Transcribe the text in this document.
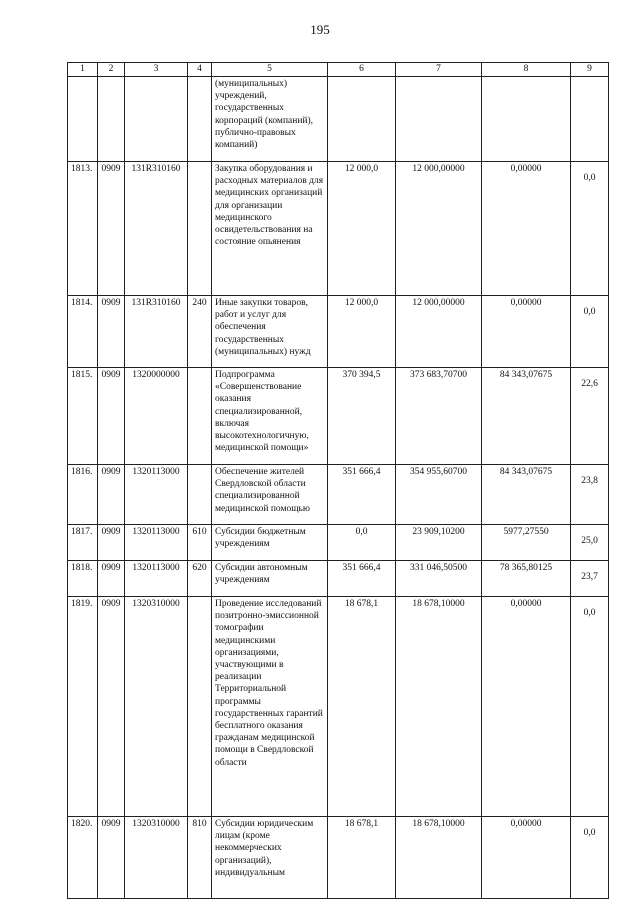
195
1	2	3	4	5	6	7	8	9
				(муниципальных) учреждений, государственных корпораций (компаний), публично-правовых компаний)				
1813.	0909	131R310160		Закупка оборудования и расходных материалов для медицинских организаций для организации медицинского освидетельствования на состояние опьянения	12 000,0	12 000,00000	0,00000	0,0
1814.	0909	131R310160	240	Иные закупки товаров, работ и услуг для обеспечения государственных (муниципальных) нужд	12 000,0	12 000,00000	0,00000	0,0
1815.	0909	1320000000		Подпрограмма «Совершенствование оказания специализированной, включая высокотехнологичную, медицинской помощи»	370 394,5	373 683,70700	84 343,07675	22,6
1816.	0909	1320113000		Обеспечение жителей Свердловской области специализированной медицинской помощью	351 666,4	354 955,60700	84 343,07675	23,8
1817.	0909	1320113000	610	Субсидии бюджетным учреждениям	0,0	23 909,10200	5977,27550	25,0
1818.	0909	1320113000	620	Субсидии автономным учреждениям	351 666,4	331 046,50500	78 365,80125	23,7
1819.	0909	1320310000		Проведение исследований позитронно-эмиссионной томографии медицинскими организациями, участвующими в реализации Территориальной программы государственных гарантий бесплатного оказания гражданам медицинской помощи в Свердловской области	18 678,1	18 678,10000	0,00000	0,0
1820.	0909	1320310000	810	Субсидии юридическим лицам (кроме некоммерческих организаций), индивидуальным	18 678,1	18 678,10000	0,00000	0,0
